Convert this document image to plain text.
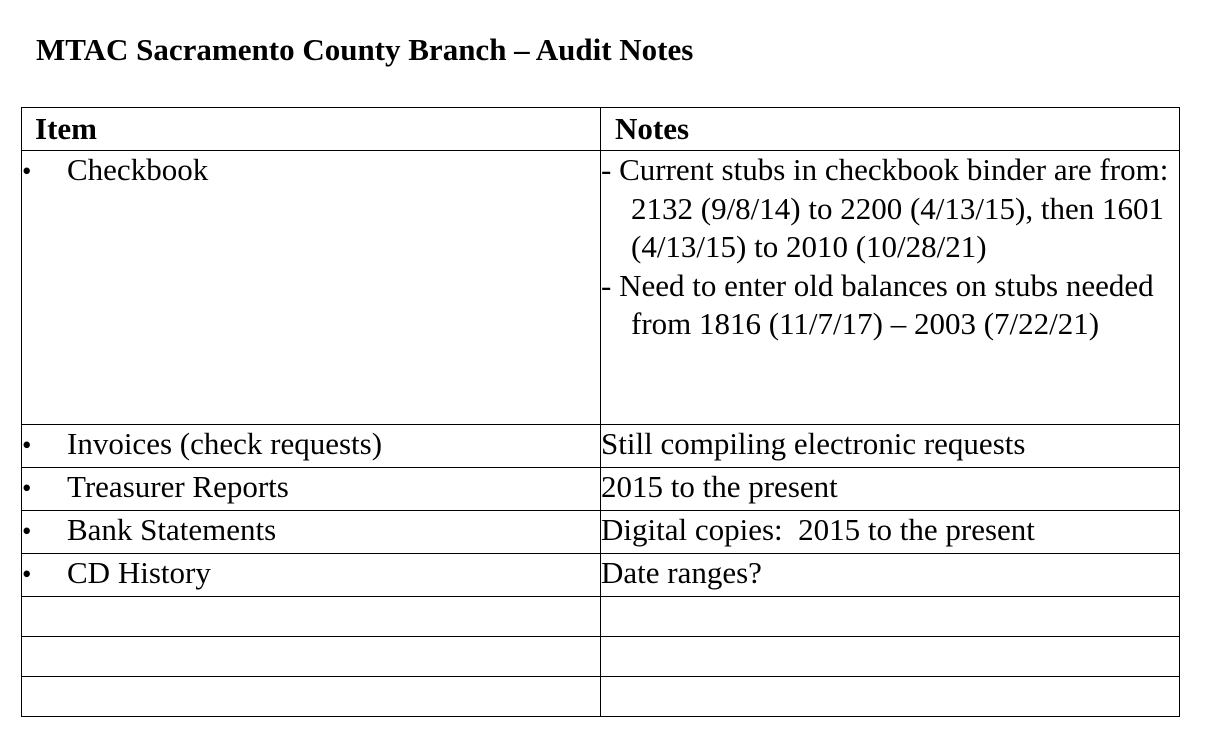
MTAC Sacramento County Branch – Audit Notes
Item	Notes
• Checkbook	- Current stubs in checkbook binder are from:
2132 (9/8/14) to 2200 (4/13/15), then 1601 (4/13/15) to 2010 (10/28/21)
- Need to enter old balances on stubs needed from 1816 (11/7/17) – 2003 (7/22/21)

• Invoices (check requests)	Still compiling electronic requests
• Treasurer Reports	2015 to the present
• Bank Statements	Digital copies:  2015 to the present
• CD History	Date ranges?
